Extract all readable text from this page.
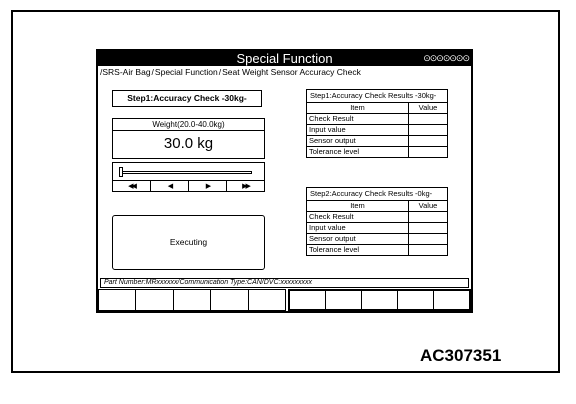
Special Function	⊙⊙⊙⊙⊙⊙⊙
/SRS-Air Bag/Special Function/Seat Weight Sensor Accuracy Check
Step1:Accuracy Check -30kg-
Weight(20.0-40.0kg)
30.0 kg
◀◀	◀	▶	▶▶
Executing
Step1:Accuracy Check Results -30kg-
Item	Value
Check Result	
Input value	
Sensor output	
Tolerance level	
Step2:Accuracy Check Results -0kg-
Item	Value
Check Result	
Input value	
Sensor output	
Tolerance level	
Part Number:MRxxxxxx/Communication Type:CAN/DVC:xxxxxxxxx
AC307351
